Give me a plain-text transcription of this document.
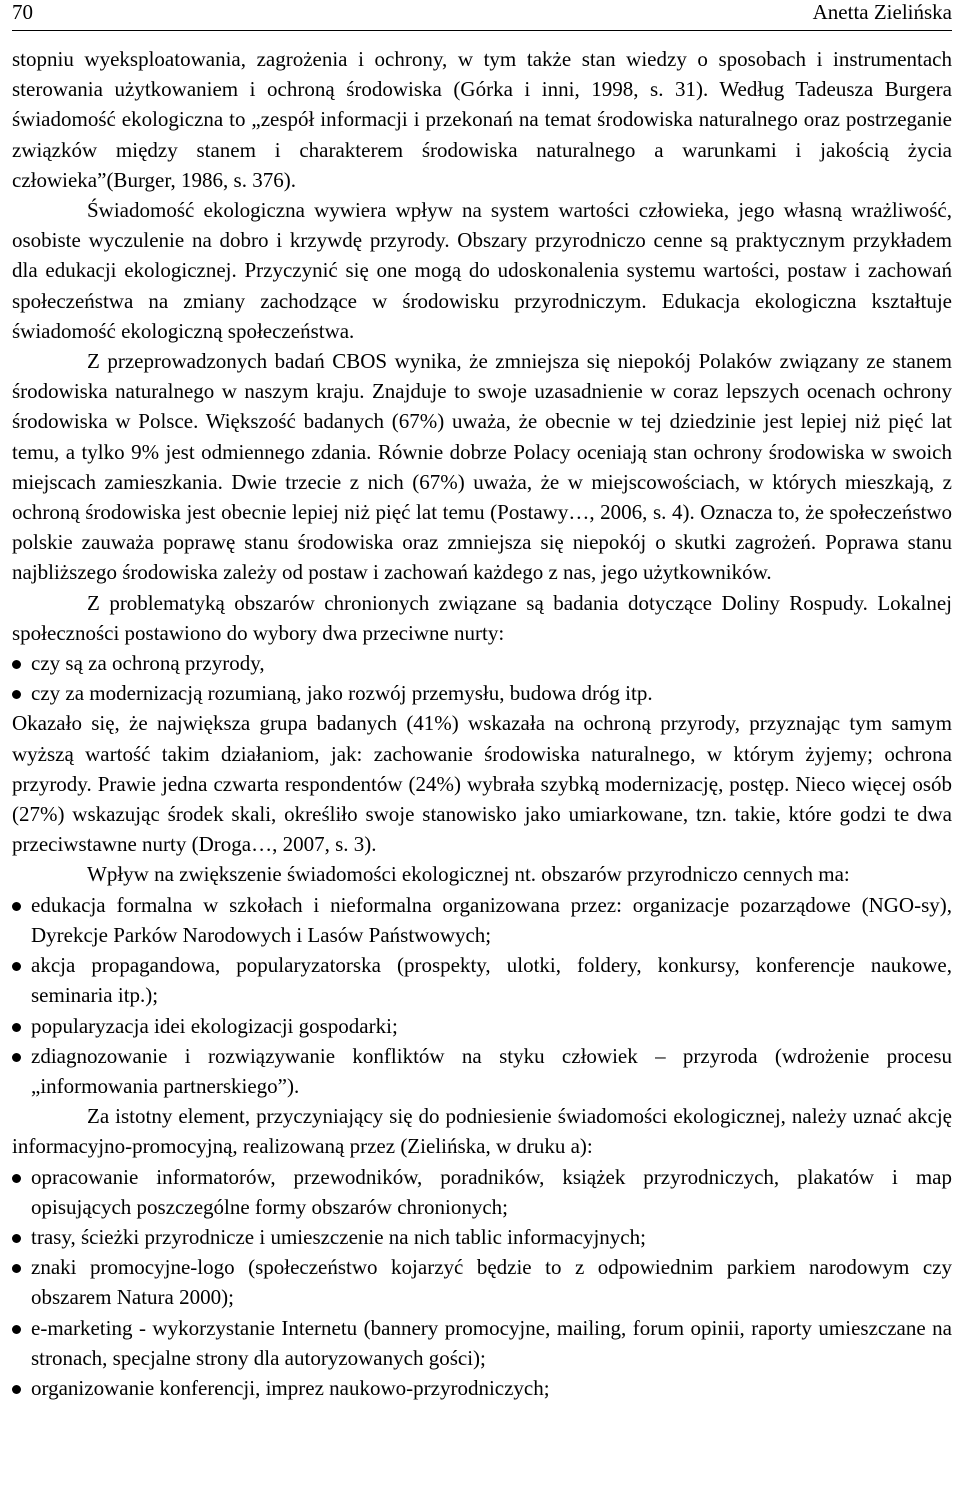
70	Anetta Zielińska

stopniu wyeksploatowania, zagrożenia i ochrony, w tym także stan wiedzy o sposobach i instrumentach sterowania użytkowaniem i ochroną środowiska (Górka i inni, 1998, s. 31). Według Tadeusza Burgera świadomość ekologiczna to „zespół informacji i przekonań na temat środowiska naturalnego oraz postrzeganie związków między stanem i charakterem środowiska naturalnego a warunkami i jakością życia człowieka”(Burger, 1986, s. 376).

Świadomość ekologiczna wywiera wpływ na system wartości człowieka, jego własną wrażliwość, osobiste wyczulenie na dobro i krzywdę przyrody. Obszary przyrodniczo cenne są praktycznym przykładem dla edukacji ekologicznej. Przyczynić się one mogą do udoskonalenia systemu wartości, postaw i zachowań społeczeństwa na zmiany zachodzące w środowisku przyrodniczym. Edukacja ekologiczna kształtuje świadomość ekologiczną społeczeństwa.

Z przeprowadzonych badań CBOS wynika, że zmniejsza się niepokój Polaków związany ze stanem środowiska naturalnego w naszym kraju. Znajduje to swoje uzasadnienie w coraz lepszych ocenach ochrony środowiska w Polsce. Większość badanych (67%) uważa, że obecnie w tej dziedzinie jest lepiej niż pięć lat temu, a tylko 9% jest odmiennego zdania. Równie dobrze Polacy oceniają stan ochrony środowiska w swoich miejscach zamieszkania. Dwie trzecie z nich (67%) uważa, że w miejscowościach, w których mieszkają, z ochroną środowiska jest obecnie lepiej niż pięć lat temu (Postawy…, 2006, s. 4). Oznacza to, że społeczeństwo polskie zauważa poprawę stanu środowiska oraz zmniejsza się niepokój o skutki zagrożeń. Poprawa stanu najbliższego środowiska zależy od postaw i zachowań każdego z nas, jego użytkowników.

Z problematyką obszarów chronionych związane są badania dotyczące Doliny Rospudy. Lokalnej społeczności postawiono do wybory dwa przeciwne nurty:

czy są za ochroną przyrody,
czy za modernizacją rozumianą, jako rozwój przemysłu, budowa dróg itp.

Okazało się, że największa grupa badanych (41%) wskazała na ochroną przyrody, przyznając tym samym wyższą wartość takim działaniom, jak: zachowanie środowiska naturalnego, w którym żyjemy; ochrona przyrody. Prawie jedna czwarta respondentów (24%) wybrała szybką modernizację, postęp. Nieco więcej osób (27%) wskazując środek skali, określiło swoje stanowisko jako umiarkowane, tzn. takie, które godzi te dwa przeciwstawne nurty (Droga…, 2007, s. 3).

Wpływ na zwiększenie świadomości ekologicznej nt. obszarów przyrodniczo cennych ma:

edukacja formalna w szkołach i nieformalna organizowana przez: organizacje pozarządowe (NGO-sy), Dyrekcje Parków Narodowych i Lasów Państwowych;
akcja propagandowa, popularyzatorska (prospekty, ulotki, foldery, konkursy, konferencje naukowe, seminaria itp.);
popularyzacja idei ekologizacji gospodarki;
zdiagnozowanie i rozwiązywanie konfliktów na styku człowiek – przyroda (wdrożenie procesu „informowania partnerskiego”).

Za istotny element, przyczyniający się do podniesienie świadomości ekologicznej, należy uznać akcję informacyjno-promocyjną, realizowaną przez (Zielińska, w druku a):

opracowanie informatorów, przewodników, poradników, książek przyrodniczych, plakatów i map opisujących poszczególne formy obszarów chronionych;
trasy, ścieżki przyrodnicze i umieszczenie na nich tablic informacyjnych;
znaki promocyjne-logo (społeczeństwo kojarzyć będzie to z odpowiednim parkiem narodowym czy obszarem Natura 2000);
e-marketing - wykorzystanie Internetu (bannery promocyjne, mailing, forum opinii, raporty umieszczane na stronach, specjalne strony dla autoryzowanych gości);
organizowanie konferencji, imprez naukowo-przyrodniczych;
